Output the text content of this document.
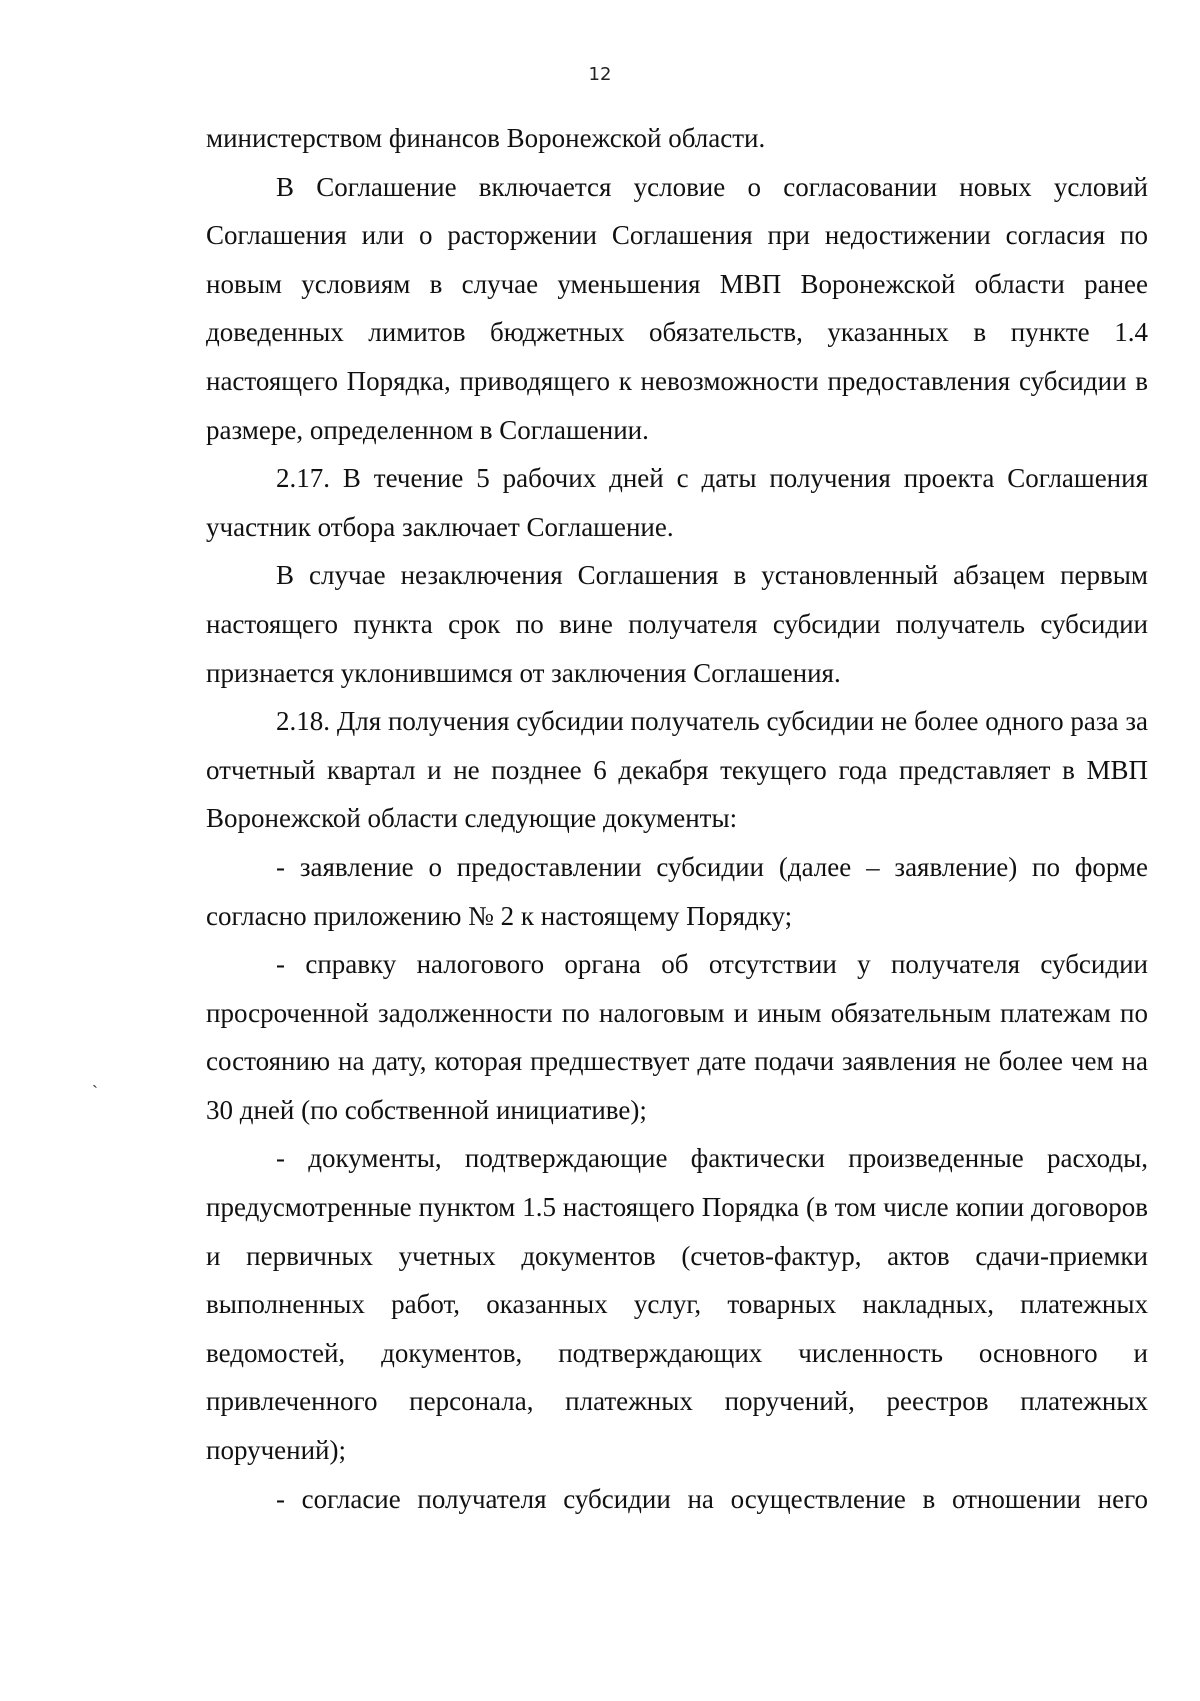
12

министерством финансов Воронежской области.

В Соглашение включается условие о согласовании новых условий Соглашения или о расторжении Соглашения при недостижении согласия по новым условиям в случае уменьшения МВП Воронежской области ранее доведенных лимитов бюджетных обязательств, указанных в пункте 1.4 настоящего Порядка, приводящего к невозможности предоставления субсидии в размере, определенном в Соглашении.

2.17. В течение 5 рабочих дней с даты получения проекта Соглашения участник отбора заключает Соглашение.

В случае незаключения Соглашения в установленный абзацем первым настоящего пункта срок по вине получателя субсидии получатель субсидии признается уклонившимся от заключения Соглашения.

2.18. Для получения субсидии получатель субсидии не более одного раза за отчетный квартал и не позднее 6 декабря текущего года представляет в МВП Воронежской области следующие документы:

- заявление о предоставлении субсидии (далее – заявление) по форме согласно приложению № 2 к настоящему Порядку;

- справку налогового органа об отсутствии у получателя субсидии просроченной задолженности по налоговым и иным обязательным платежам по состоянию на дату, которая предшествует дате подачи заявления не более чем на 30 дней (по собственной инициативе);

- документы, подтверждающие фактически произведенные расходы, предусмотренные пунктом 1.5 настоящего Порядка (в том числе копии договоров и первичных учетных документов (счетов-фактур, актов сдачи-приемки выполненных работ, оказанных услуг, товарных накладных, платежных ведомостей, документов, подтверждающих численность основного и привлеченного персонала, платежных поручений, реестров платежных поручений);

- согласие получателя субсидии на осуществление в отношении него

ˏ
